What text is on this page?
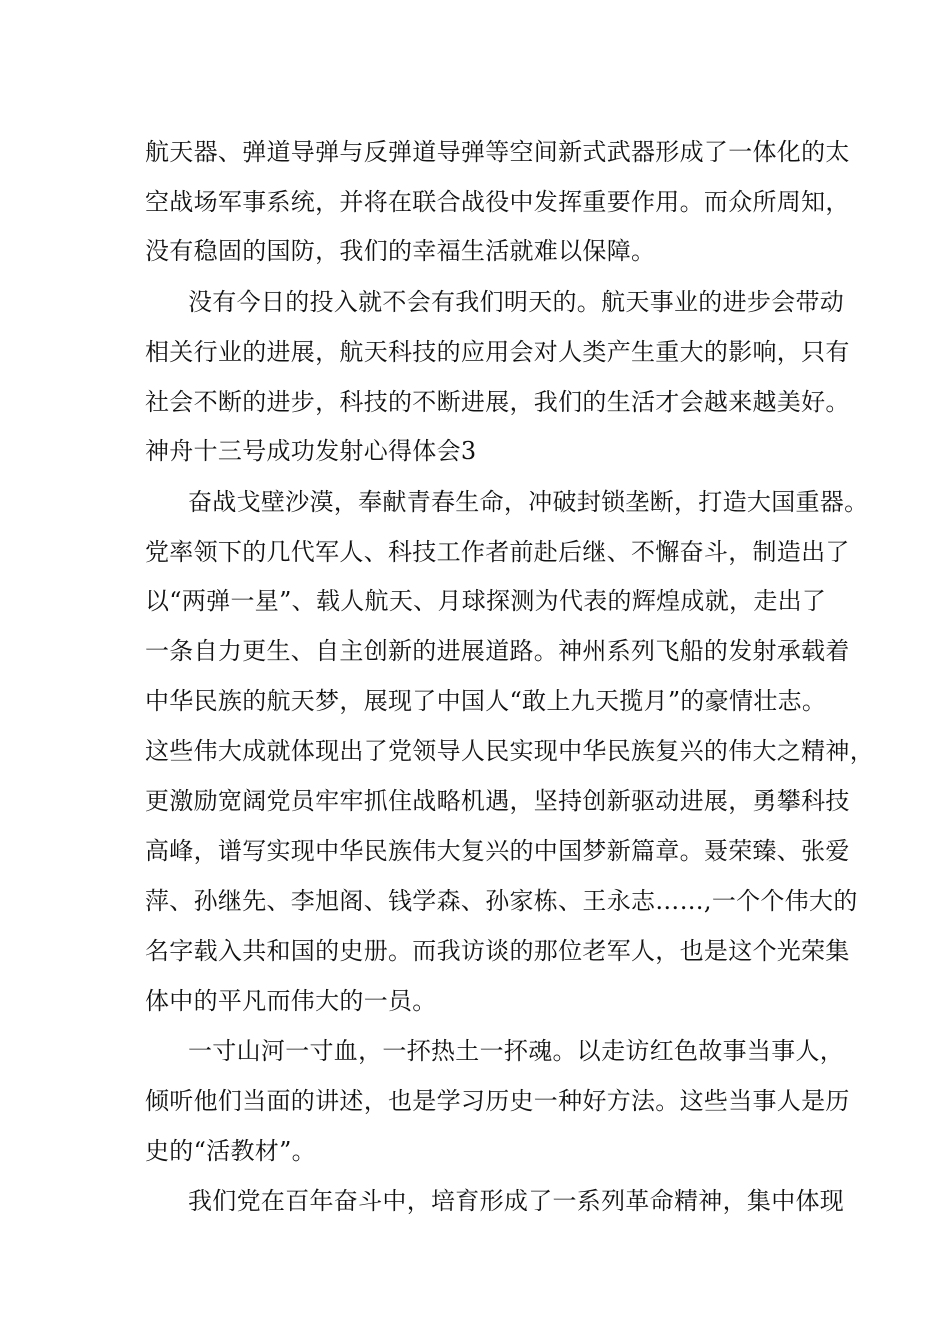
航天器、弹道导弹与反弹道导弹等空间新式武器形成了一体化的太
空战场军事系统，并将在联合战役中发挥重要作用。而众所周知，
没有稳固的国防，我们的幸福生活就难以保障。
没有今日的投入就不会有我们明天的。航天事业的进步会带动
相关行业的进展，航天科技的应用会对人类产生重大的影响，只有
社会不断的进步，科技的不断进展，我们的生活才会越来越美好。
神舟十三号成功发射心得体会3
奋战戈壁沙漠，奉献青春生命，冲破封锁垄断，打造大国重器。
党率领下的几代军人、科技工作者前赴后继、不懈奋斗，制造出了
以“两弹一星”、载人航天、月球探测为代表的辉煌成就，走出了
一条自力更生、自主创新的进展道路。神州系列飞船的发射承载着
中华民族的航天梦，展现了中国人“敢上九天揽月”的豪情壮志。
这些伟大成就体现出了党领导人民实现中华民族复兴的伟大之精神，
更激励宽阔党员牢牢抓住战略机遇，坚持创新驱动进展，勇攀科技
高峰，谱写实现中华民族伟大复兴的中国梦新篇章。聂荣臻、张爱
萍、孙继先、李旭阁、钱学森、孙家栋、王永志……,一个个伟大的
名字载入共和国的史册。而我访谈的那位老军人，也是这个光荣集
体中的平凡而伟大的一员。
一寸山河一寸血，一抔热土一抔魂。以走访红色故事当事人，
倾听他们当面的讲述，也是学习历史一种好方法。这些当事人是历
史的“活教材”。
我们党在百年奋斗中，培育形成了一系列革命精神，集中体现
